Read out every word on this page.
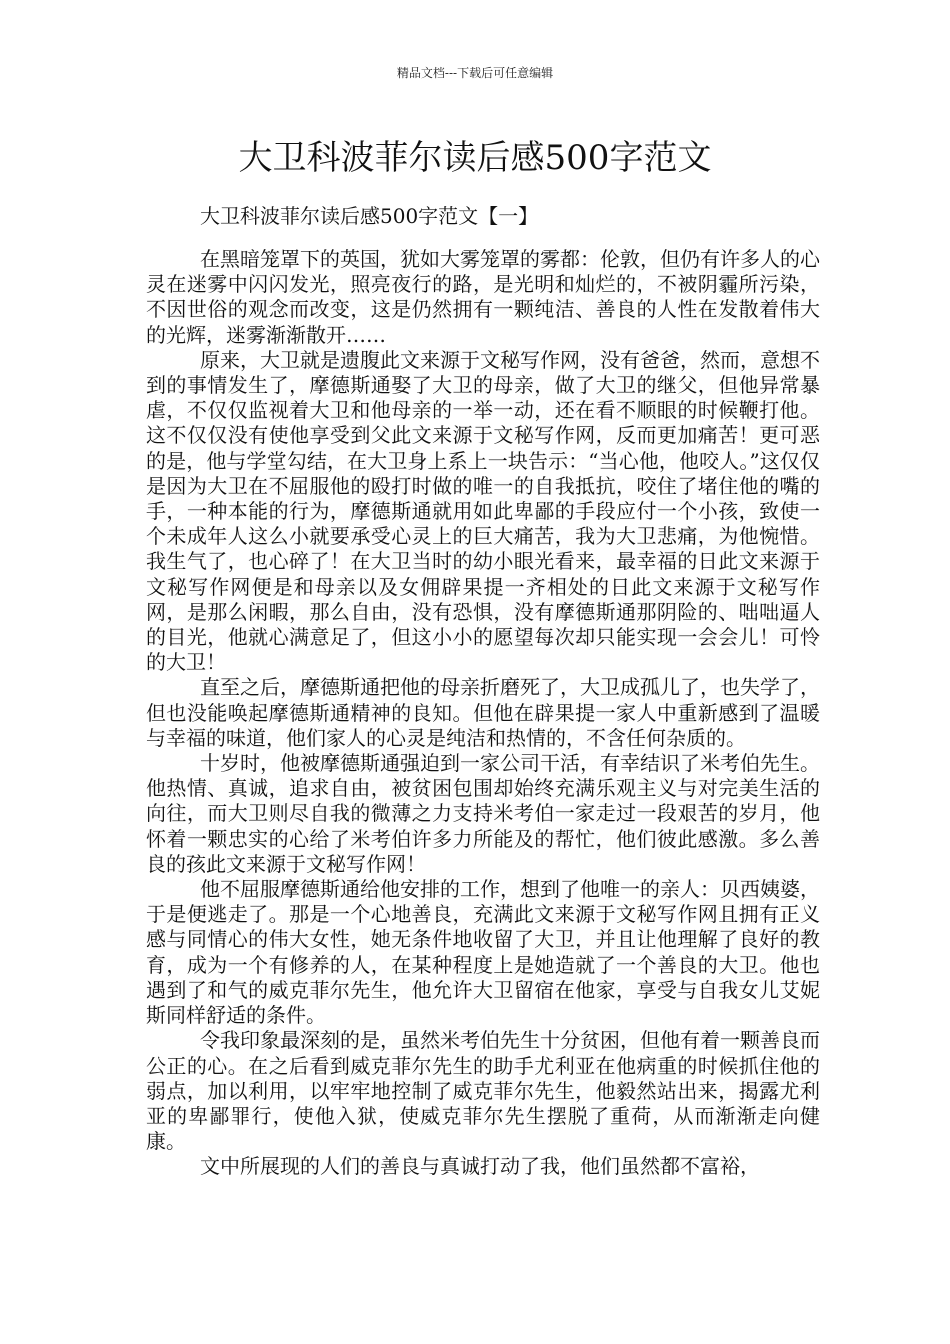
精品文档---下载后可任意编辑
大卫科波菲尔读后感500字范文

大卫科波菲尔读后感500字范文【一】

在黑暗笼罩下的英国，犹如大雾笼罩的雾都：伦敦，但仍有许多人的心灵在迷雾中闪闪发光，照亮夜行的路，是光明和灿烂的，不被阴霾所污染，不因世俗的观念而改变，这是仍然拥有一颗纯洁、善良的人性在发散着伟大的光辉，迷雾渐渐散开……

原来，大卫就是遗腹此文来源于文秘写作网，没有爸爸，然而，意想不到的事情发生了，摩德斯通娶了大卫的母亲，做了大卫的继父，但他异常暴虐，不仅仅监视着大卫和他母亲的一举一动，还在看不顺眼的时候鞭打他。这不仅仅没有使他享受到父此文来源于文秘写作网，反而更加痛苦！更可恶的是，他与学堂勾结，在大卫身上系上一块告示：“当心他，他咬人。”这仅仅是因为大卫在不屈服他的殴打时做的唯一的自我抵抗，咬住了堵住他的嘴的手，一种本能的行为，摩德斯通就用如此卑鄙的手段应付一个小孩，致使一个未成年人这么小就要承受心灵上的巨大痛苦，我为大卫悲痛，为他惋惜。我生气了，也心碎了！在大卫当时的幼小眼光看来，最幸福的日此文来源于文秘写作网便是和母亲以及女佣辟果提一齐相处的日此文来源于文秘写作网，是那么闲暇，那么自由，没有恐惧，没有摩德斯通那阴险的、咄咄逼人的目光，他就心满意足了，但这小小的愿望每次却只能实现一会会儿！可怜的大卫！

直至之后，摩德斯通把他的母亲折磨死了，大卫成孤儿了，也失学了，但也没能唤起摩德斯通精神的良知。但他在辟果提一家人中重新感到了温暖与幸福的味道，他们家人的心灵是纯洁和热情的，不含任何杂质的。

十岁时，他被摩德斯通强迫到一家公司干活，有幸结识了米考伯先生。他热情、真诚，追求自由，被贫困包围却始终充满乐观主义与对完美生活的向往，而大卫则尽自我的微薄之力支持米考伯一家走过一段艰苦的岁月，他怀着一颗忠实的心给了米考伯许多力所能及的帮忙，他们彼此感激。多么善良的孩此文来源于文秘写作网！

他不屈服摩德斯通给他安排的工作，想到了他唯一的亲人：贝西姨婆，于是便逃走了。那是一个心地善良，充满此文来源于文秘写作网且拥有正义感与同情心的伟大女性，她无条件地收留了大卫，并且让他理解了良好的教育，成为一个有修养的人，在某种程度上是她造就了一个善良的大卫。他也遇到了和气的威克菲尔先生，他允许大卫留宿在他家，享受与自我女儿艾妮斯同样舒适的条件。

令我印象最深刻的是，虽然米考伯先生十分贫困，但他有着一颗善良而公正的心。在之后看到威克菲尔先生的助手尤利亚在他病重的时候抓住他的弱点，加以利用，以牢牢地控制了威克菲尔先生，他毅然站出来，揭露尤利亚的卑鄙罪行，使他入狱，使威克菲尔先生摆脱了重荷，从而渐渐走向健康。

文中所展现的人们的善良与真诚打动了我，他们虽然都不富裕，
